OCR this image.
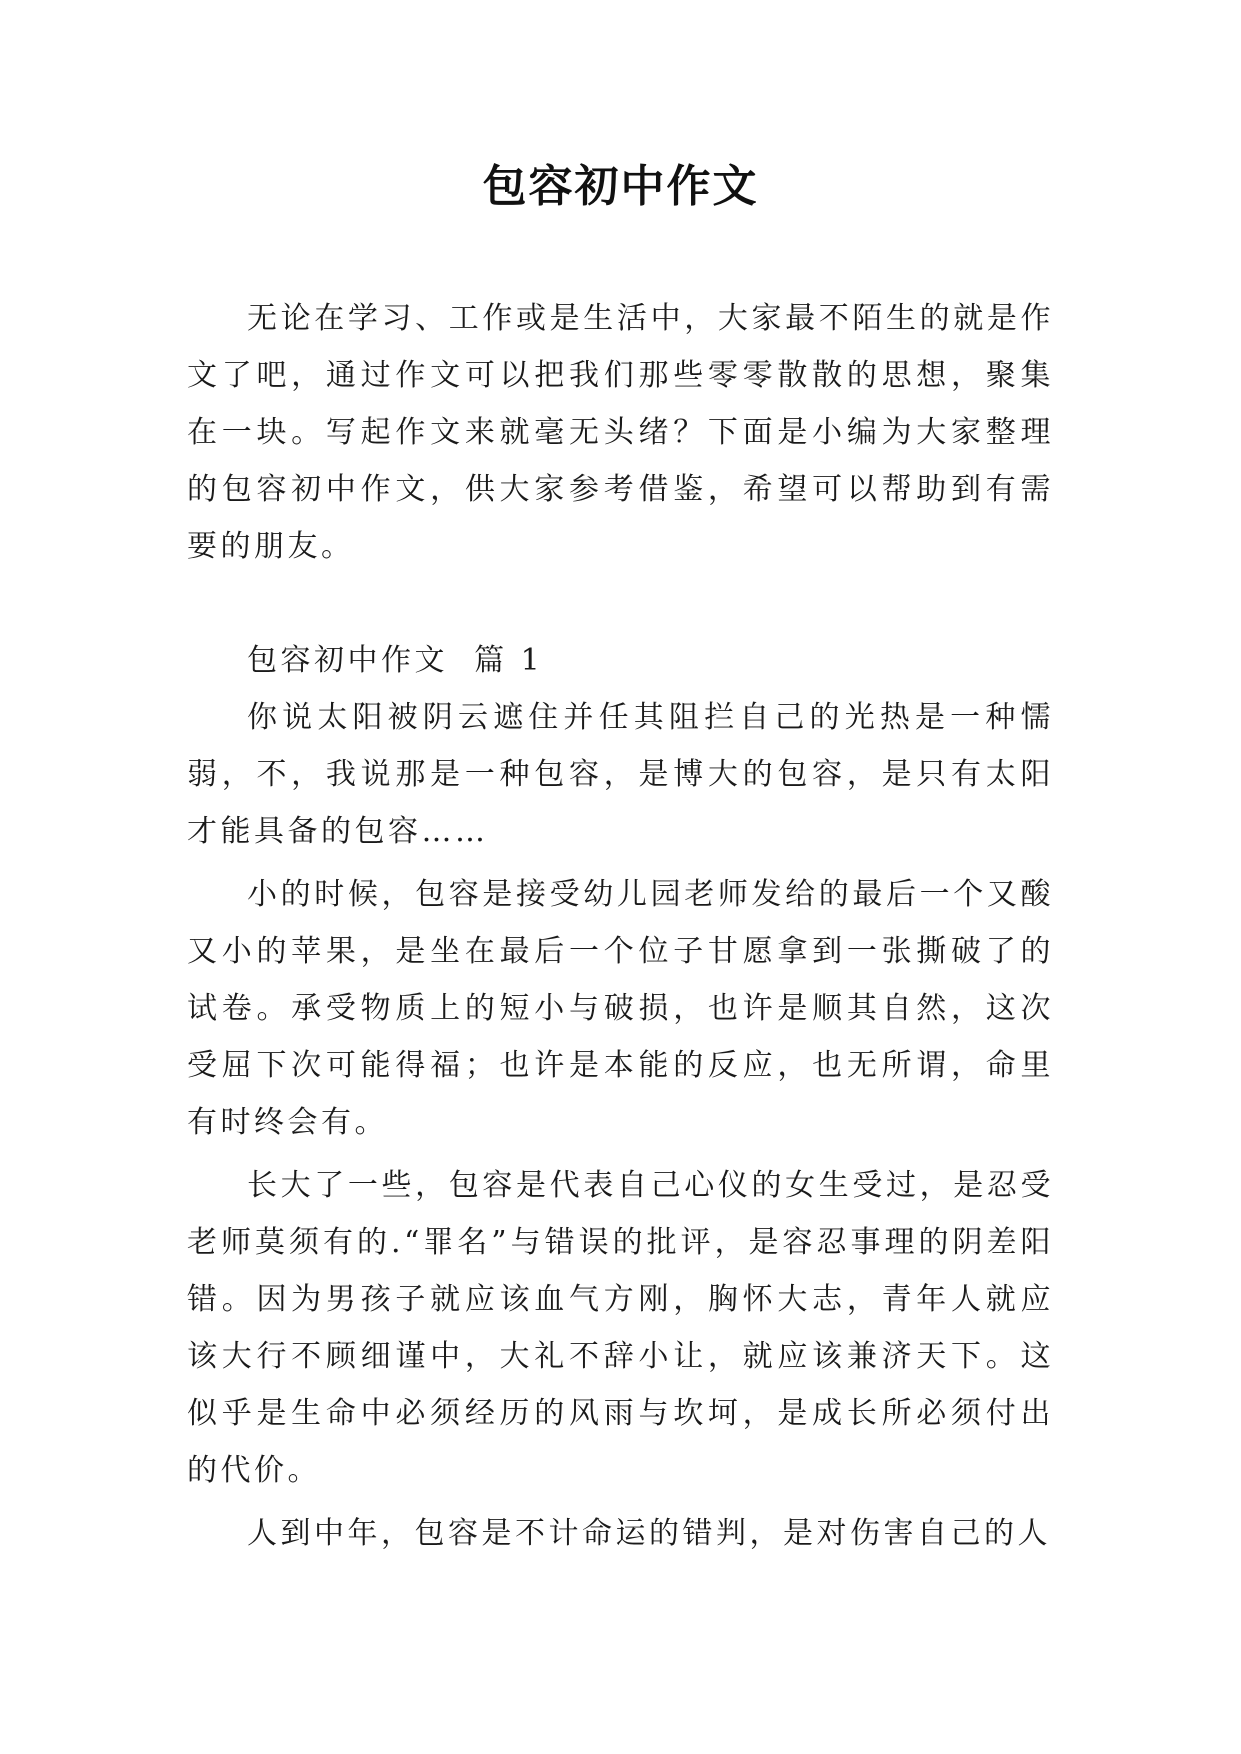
包容初中作文

无论在学习、工作或是生活中，大家最不陌生的就是作文了吧，通过作文可以把我们那些零零散散的思想，聚集在一块。写起作文来就毫无头绪？下面是小编为大家整理的包容初中作文，供大家参考借鉴，希望可以帮助到有需要的朋友。

包容初中作文  篇 1

你说太阳被阴云遮住并任其阻拦自己的光热是一种懦弱，不，我说那是一种包容，是博大的包容，是只有太阳才能具备的包容……

小的时候，包容是接受幼儿园老师发给的最后一个又酸又小的苹果，是坐在最后一个位子甘愿拿到一张撕破了的试卷。承受物质上的短小与破损，也许是顺其自然，这次受屈下次可能得福；也许是本能的反应，也无所谓，命里有时终会有。

长大了一些，包容是代表自己心仪的女生受过，是忍受老师莫须有的.“罪名”与错误的批评，是容忍事理的阴差阳错。因为男孩子就应该血气方刚，胸怀大志，青年人就应该大行不顾细谨中，大礼不辞小让，就应该兼济天下。这似乎是生命中必须经历的风雨与坎坷，是成长所必须付出的代价。

人到中年，包容是不计命运的错判，是对伤害自己的人
